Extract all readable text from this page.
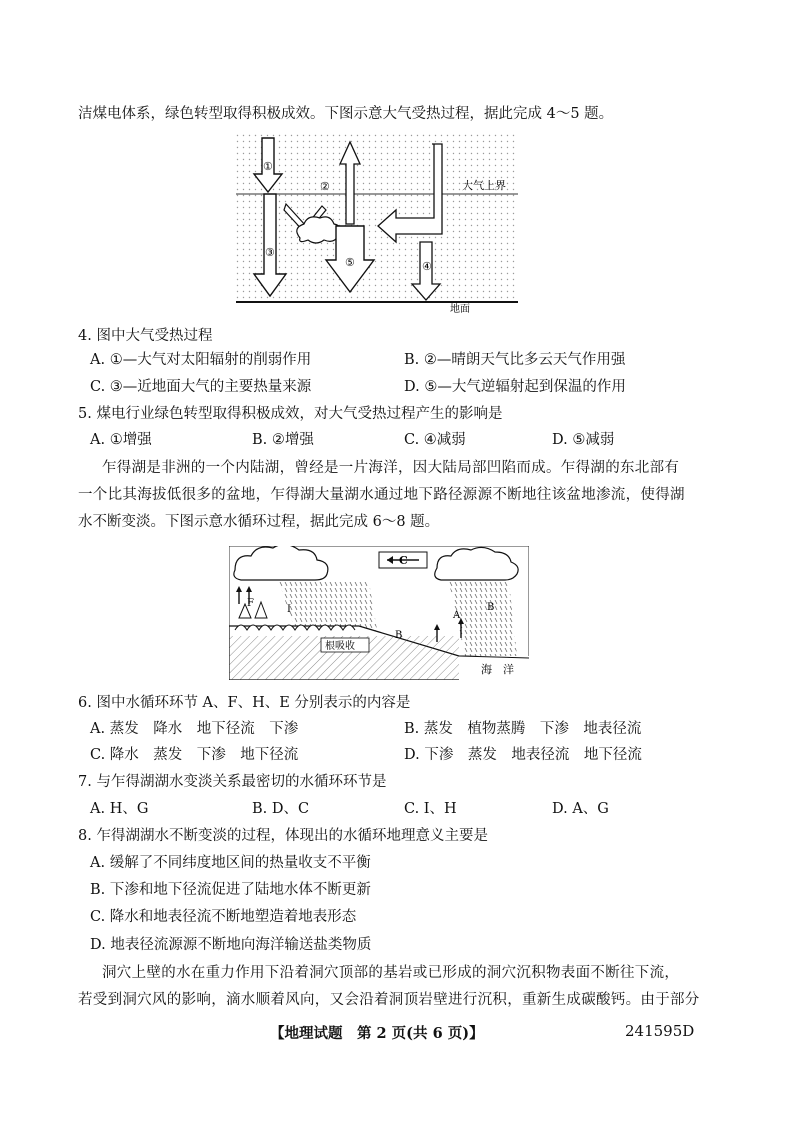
洁煤电体系，绿色转型取得积极成效。下图示意大气受热过程，据此完成 4～5 题。
①
②
③
⑤	④
大气上界
地面
4. 图中大气受热过程
A. ①—大气对太阳辐射的削弱作用	B. ②—晴朗天气比多云天气作用强
C. ③—近地面大气的主要热量来源	D. ⑤—大气逆辐射起到保温的作用
5. 煤电行业绿色转型取得积极成效，对大气受热过程产生的影响是
A. ①增强	B. ②增强	C. ④减弱	D. ⑤减弱
乍得湖是非洲的一个内陆湖，曾经是一片海洋，因大陆局部凹陷而成。乍得湖的东北部有
一个比其海拔低很多的盆地，乍得湖大量湖水通过地下路径源源不断地往该盆地渗流，使得湖
水不断变淡。下图示意水循环过程，据此完成 6～8 题。
根吸收
C
F
I
B
A
B
海　洋
6. 图中水循环环节 A、F、H、E 分别表示的内容是
A. 蒸发　降水　地下径流　下渗	B. 蒸发　植物蒸腾　下渗　地表径流
C. 降水　蒸发　下渗　地下径流	D. 下渗　蒸发　地表径流　地下径流
7. 与乍得湖湖水变淡关系最密切的水循环环节是
A. H、G	B. D、C	C. I、H	D. A、G
8. 乍得湖湖水不断变淡的过程，体现出的水循环地理意义主要是
A. 缓解了不同纬度地区间的热量收支不平衡
B. 下渗和地下径流促进了陆地水体不断更新
C. 降水和地表径流不断地塑造着地表形态
D. 地表径流源源不断地向海洋输送盐类物质
洞穴上壁的水在重力作用下沿着洞穴顶部的基岩或已形成的洞穴沉积物表面不断往下流，
若受到洞穴风的影响，滴水顺着风向，又会沿着洞顶岩壁进行沉积，重新生成碳酸钙。由于部分
【地理试题　第 2 页(共 6 页)】	241595D
